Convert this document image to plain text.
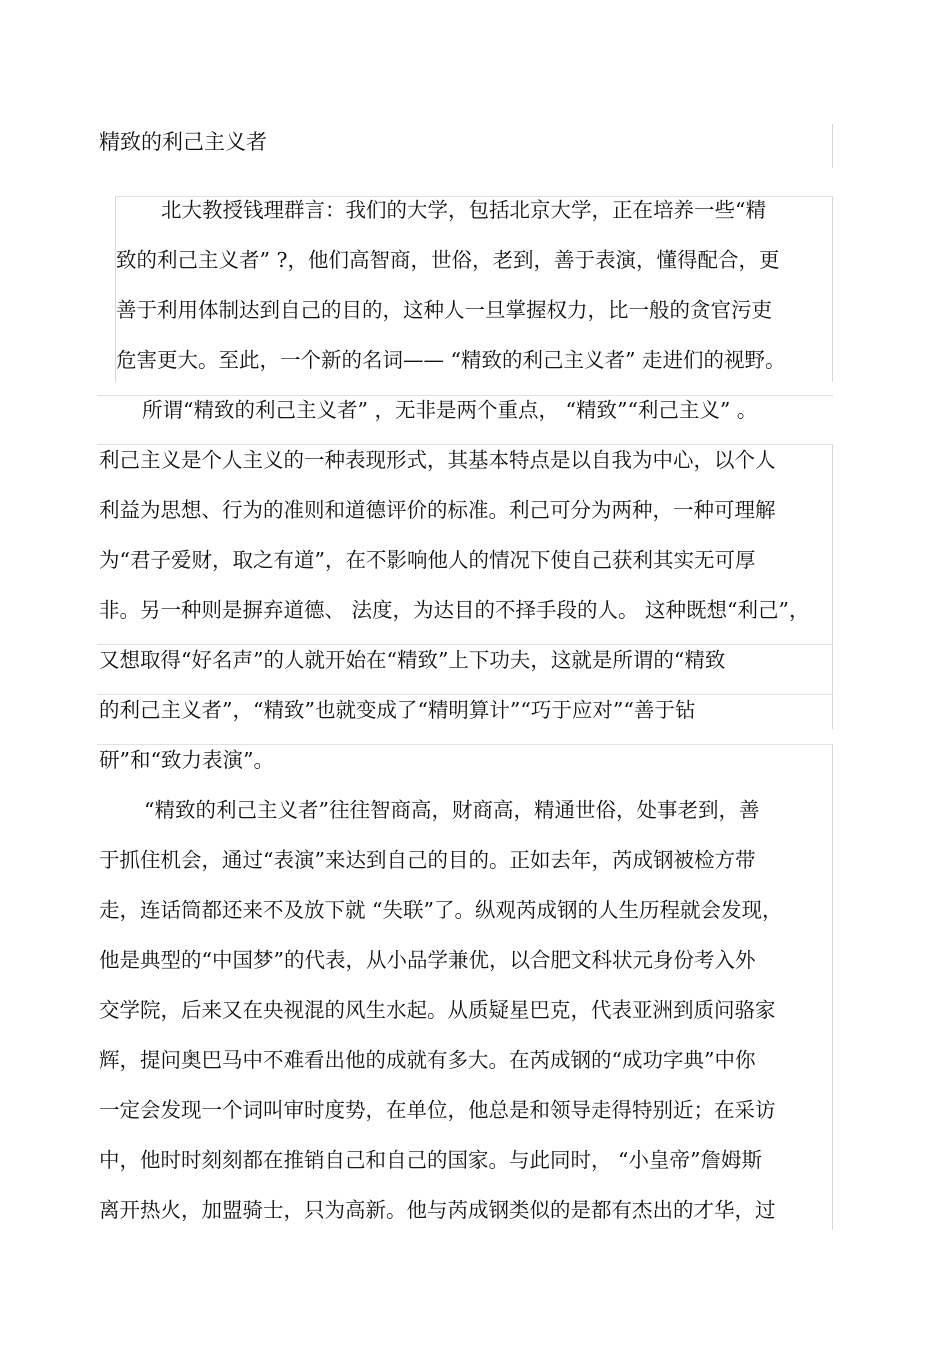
精致的利己主义者
北大教授钱理群言：我们的大学，包括北京大学，正在培养一些“精
致的利己主义者” ?，他们高智商，世俗，老到，善于表演，懂得配合，更
善于利用体制达到自己的目的，这种人一旦掌握权力，比一般的贪官污吏
危害更大。至此，一个新的名词—— “精致的利己主义者” 走进们的视野。
所谓“精致的利己主义者” ，无非是两个重点， “精致”“利己主义” 。
利己主义是个人主义的一种表现形式，其基本特点是以自我为中心，以个人
利益为思想、行为的准则和道德评价的标准。利己可分为两种，一种可理解
为“君子爱财，取之有道”，在不影响他人的情况下使自己获利其实无可厚
非。另一种则是摒弃道德、 法度，为达目的不择手段的人。 这种既想“利己”，
又想取得“好名声”的人就开始在“精致”上下功夫，这就是所谓的“精致
的利己主义者”，“精致”也就变成了“精明算计”“巧于应对”“善于钻
研”和“致力表演”。
“精致的利己主义者”往往智商高，财商高，精通世俗，处事老到，善
于抓住机会，通过“表演”来达到自己的目的。正如去年，芮成钢被检方带
走，连话筒都还来不及放下就 “失联”了。纵观芮成钢的人生历程就会发现，
他是典型的“中国梦”的代表，从小品学兼优，以合肥文科状元身份考入外
交学院，后来又在央视混的风生水起。从质疑星巴克，代表亚洲到质问骆家
辉，提问奥巴马中不难看出他的成就有多大。在芮成钢的“成功字典”中你
一定会发现一个词叫审时度势，在单位，他总是和领导走得特别近；在采访
中，他时时刻刻都在推销自己和自己的国家。与此同时， “小皇帝”詹姆斯
离开热火，加盟骑士，只为高新。他与芮成钢类似的是都有杰出的才华，过
